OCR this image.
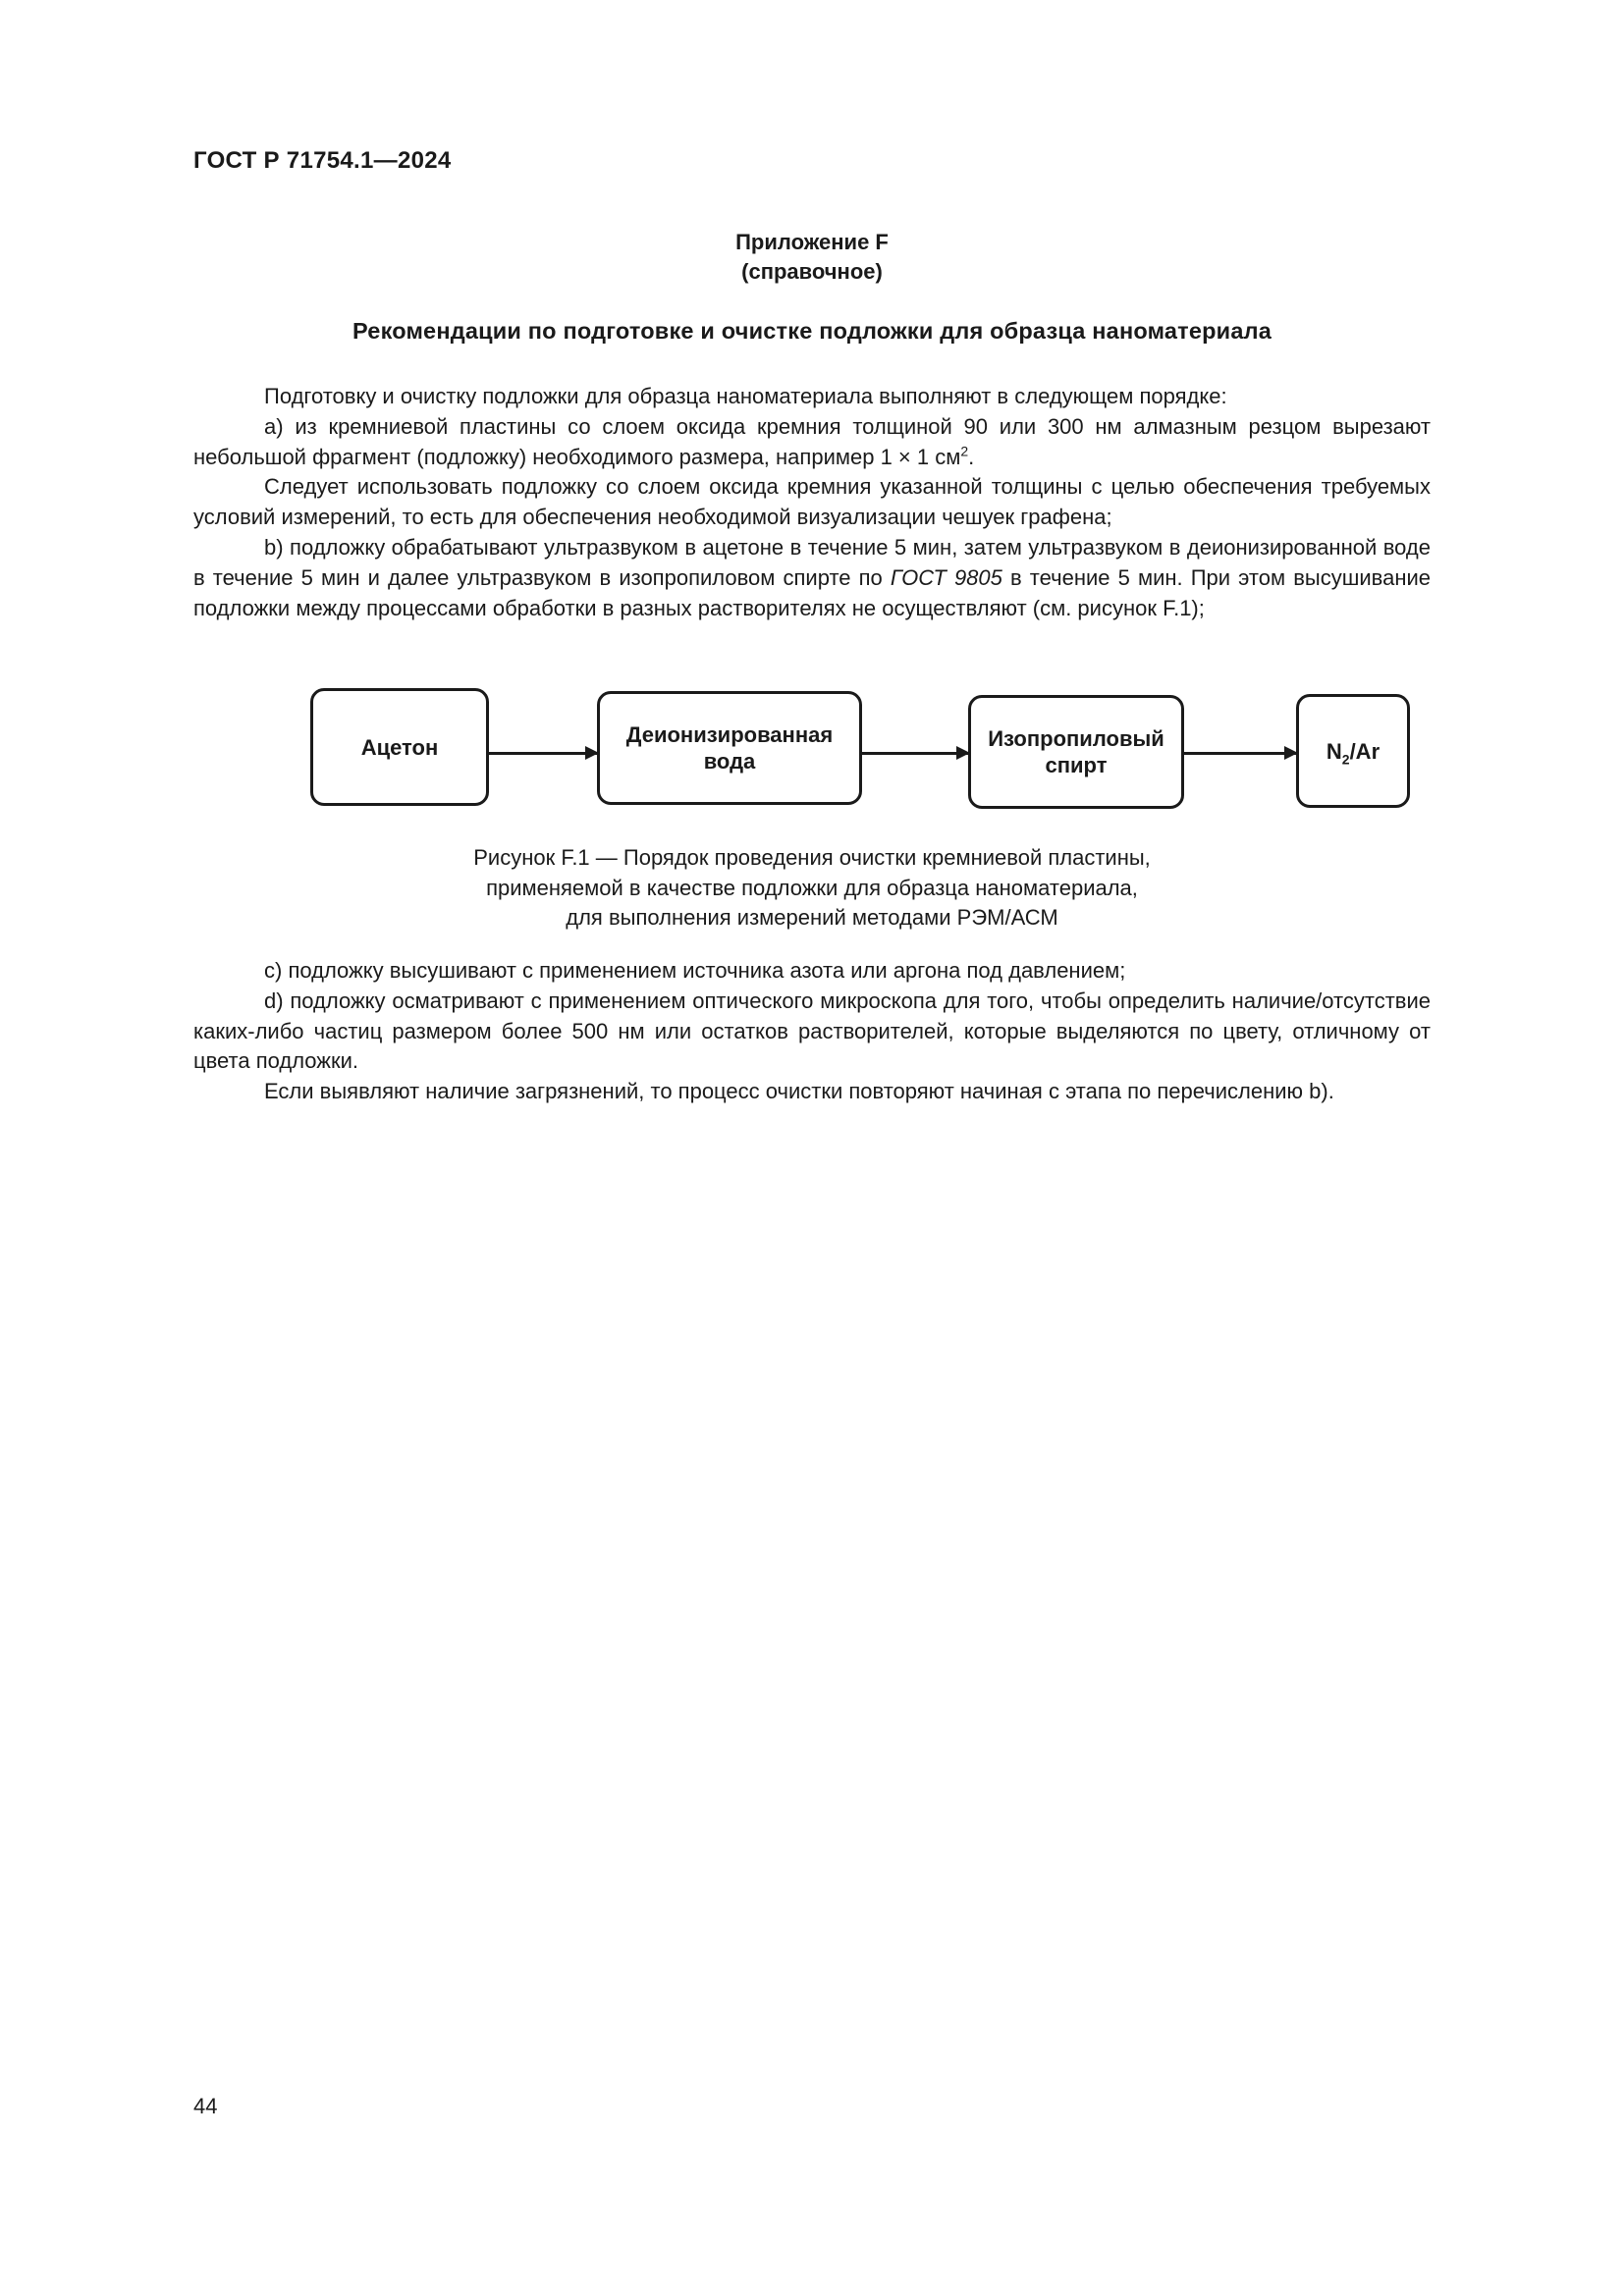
ГОСТ Р 71754.1—2024
Приложение F
(справочное)
Рекомендации по подготовке и очистке подложки для образца наноматериала

Подготовку и очистку подложки для образца наноматериала выполняют в следующем порядке:

а) из кремниевой пластины со слоем оксида кремния толщиной 90 или 300 нм алмазным резцом вырезают небольшой фрагмент (подложку) необходимого размера, например 1 × 1 $см^2$.

Следует использовать подложку со слоем оксида кремния указанной толщины с целью обеспечения требуемых условий измерений, то есть для обеспечения необходимой визуализации чешуек графена;

b) подложку обрабатывают ультразвуком в ацетоне в течение 5 мин, затем ультразвуком в деионизированной воде в течение 5 мин и далее ультразвуком в изопропиловом спирте по ГОСТ 9805 в течение 5 мин. При этом высушивание подложки между процессами обработки в разных растворителях не осуществляют (см. рисунок F.1);

Ацетон	Деионизированная
вода
Изопропиловый
спирт
$N_2/Ar$
Рисунок F.1 — Порядок проведения очистки кремниевой пластины,
применяемой в качестве подложки для образца наноматериала,
для выполнения измерений методами РЭМ/АСМ

с) подложку высушивают с применением источника азота или аргона под давлением;

d) подложку осматривают с применением оптического микроскопа для того, чтобы определить наличие/отсутствие каких-либо частиц размером более 500 нм или остатков растворителей, которые выделяются по цвету, отличному от цвета подложки.

Если выявляют наличие загрязнений, то процесс очистки повторяют начиная с этапа по перечислению b).

44
